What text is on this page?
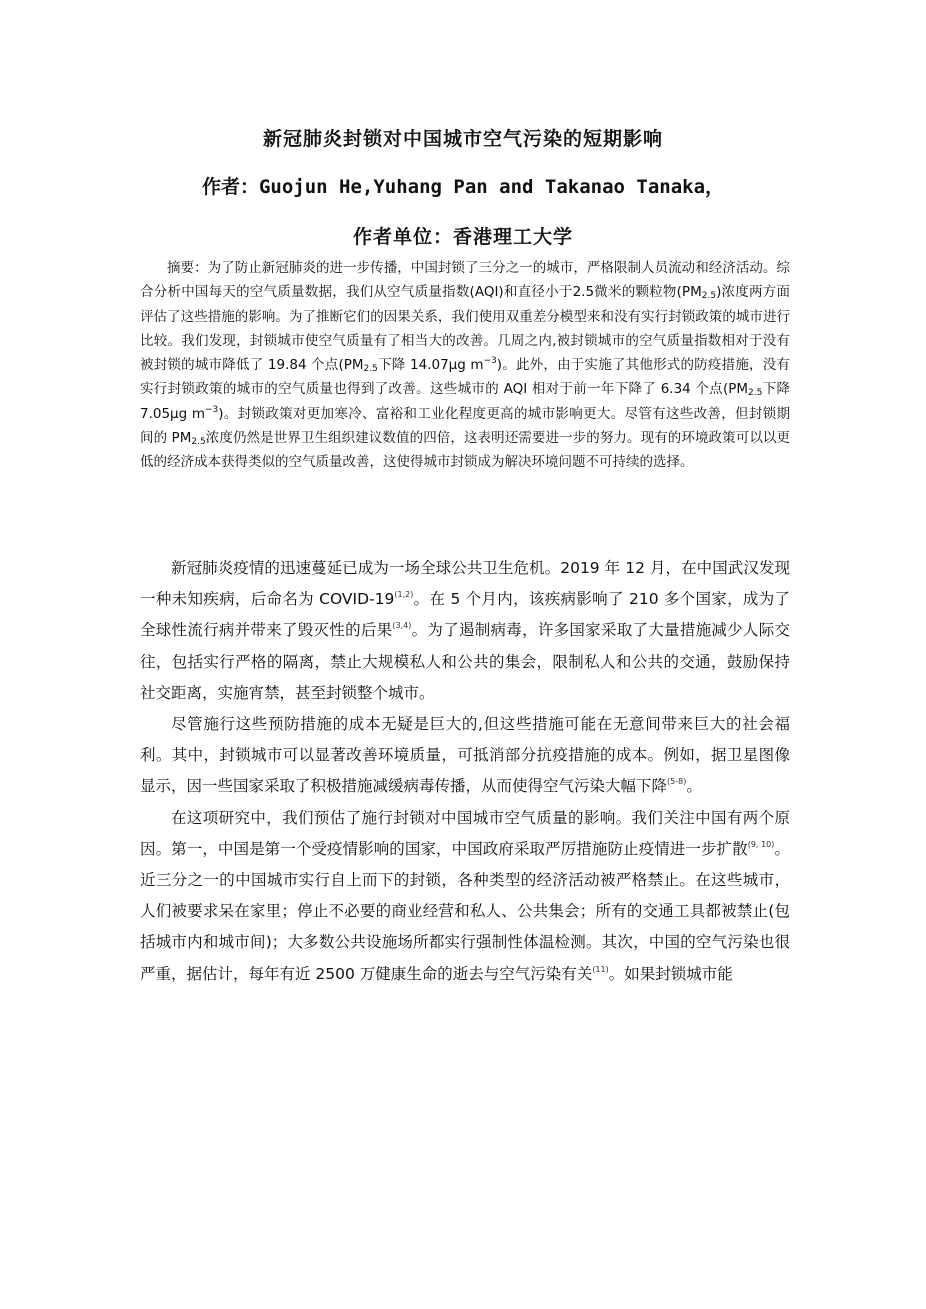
新冠肺炎封锁对中国城市空气污染的短期影响
作者：Guojun He,Yuhang Pan and Takanao Tanaka，
作者单位：香港理工大学

摘要：为了防止新冠肺炎的进一步传播，中国封锁了三分之一的城市，严格限制人员流动和经济活动。综合分析中国每天的空气质量数据，我们从空气质量指数(AQI)和直径小于2.5微米的颗粒物$(PM_{2.5})$浓度两方面评估了这些措施的影响。为了推断它们的因果关系，我们使用双重差分模型来和没有实行封锁政策的城市进行比较。我们发现，封锁城市使空气质量有了相当大的改善。几周之内,被封锁城市的空气质量指数相对于没有被封锁的城市降低了 19.84 个点($PM_{2.5}$下降 14.07μg $m^{-3}$)。此外，由于实施了其他形式的防疫措施，没有实行封锁政策的城市的空气质量也得到了改善。这些城市的 AQI 相对于前一年下降了 6.34 个点($PM_{2.5}$下降 7.05μg $m^{-3}$)。封锁政策对更加寒冷、富裕和工业化程度更高的城市影响更大。尽管有这些改善，但封锁期间的 $PM_{2.5}$浓度仍然是世界卫生组织建议数值的四倍，这表明还需要进一步的努力。现有的环境政策可以以更低的经济成本获得类似的空气质量改善，这使得城市封锁成为解决环境问题不可持续的选择。

新冠肺炎疫情的迅速蔓延已成为一场全球公共卫生危机。2019 年 12 月，在中国武汉发现一种未知疾病，后命名为 COVID-19$^{(1,2)}$。在 5 个月内，该疾病影响了 210 多个国家，成为了全球性流行病并带来了毁灭性的后果$^{(3,4)}$。为了遏制病毒，许多国家采取了大量措施减少人际交往，包括实行严格的隔离，禁止大规模私人和公共的集会，限制私人和公共的交通，鼓励保持社交距离，实施宵禁，甚至封锁整个城市。

尽管施行这些预防措施的成本无疑是巨大的,但这些措施可能在无意间带来巨大的社会福利。其中，封锁城市可以显著改善环境质量，可抵消部分抗疫措施的成本。例如，据卫星图像显示，因一些国家采取了积极措施减缓病毒传播，从而使得空气污染大幅下降$^{(5-8)}$。

在这项研究中，我们预估了施行封锁对中国城市空气质量的影响。我们关注中国有两个原因。第一，中国是第一个受疫情影响的国家，中国政府采取严厉措施防止疫情进一步扩散$^{(9, 10)}$。近三分之一的中国城市实行自上而下的封锁，各种类型的经济活动被严格禁止。在这些城市，人们被要求呆在家里；停止不必要的商业经营和私人、公共集会；所有的交通工具都被禁止(包括城市内和城市间)；大多数公共设施场所都实行强制性体温检测。其次，中国的空气污染也很严重，据估计，每年有近 2500 万健康生命的逝去与空气污染有关$^{(11)}$。如果封锁城市能
